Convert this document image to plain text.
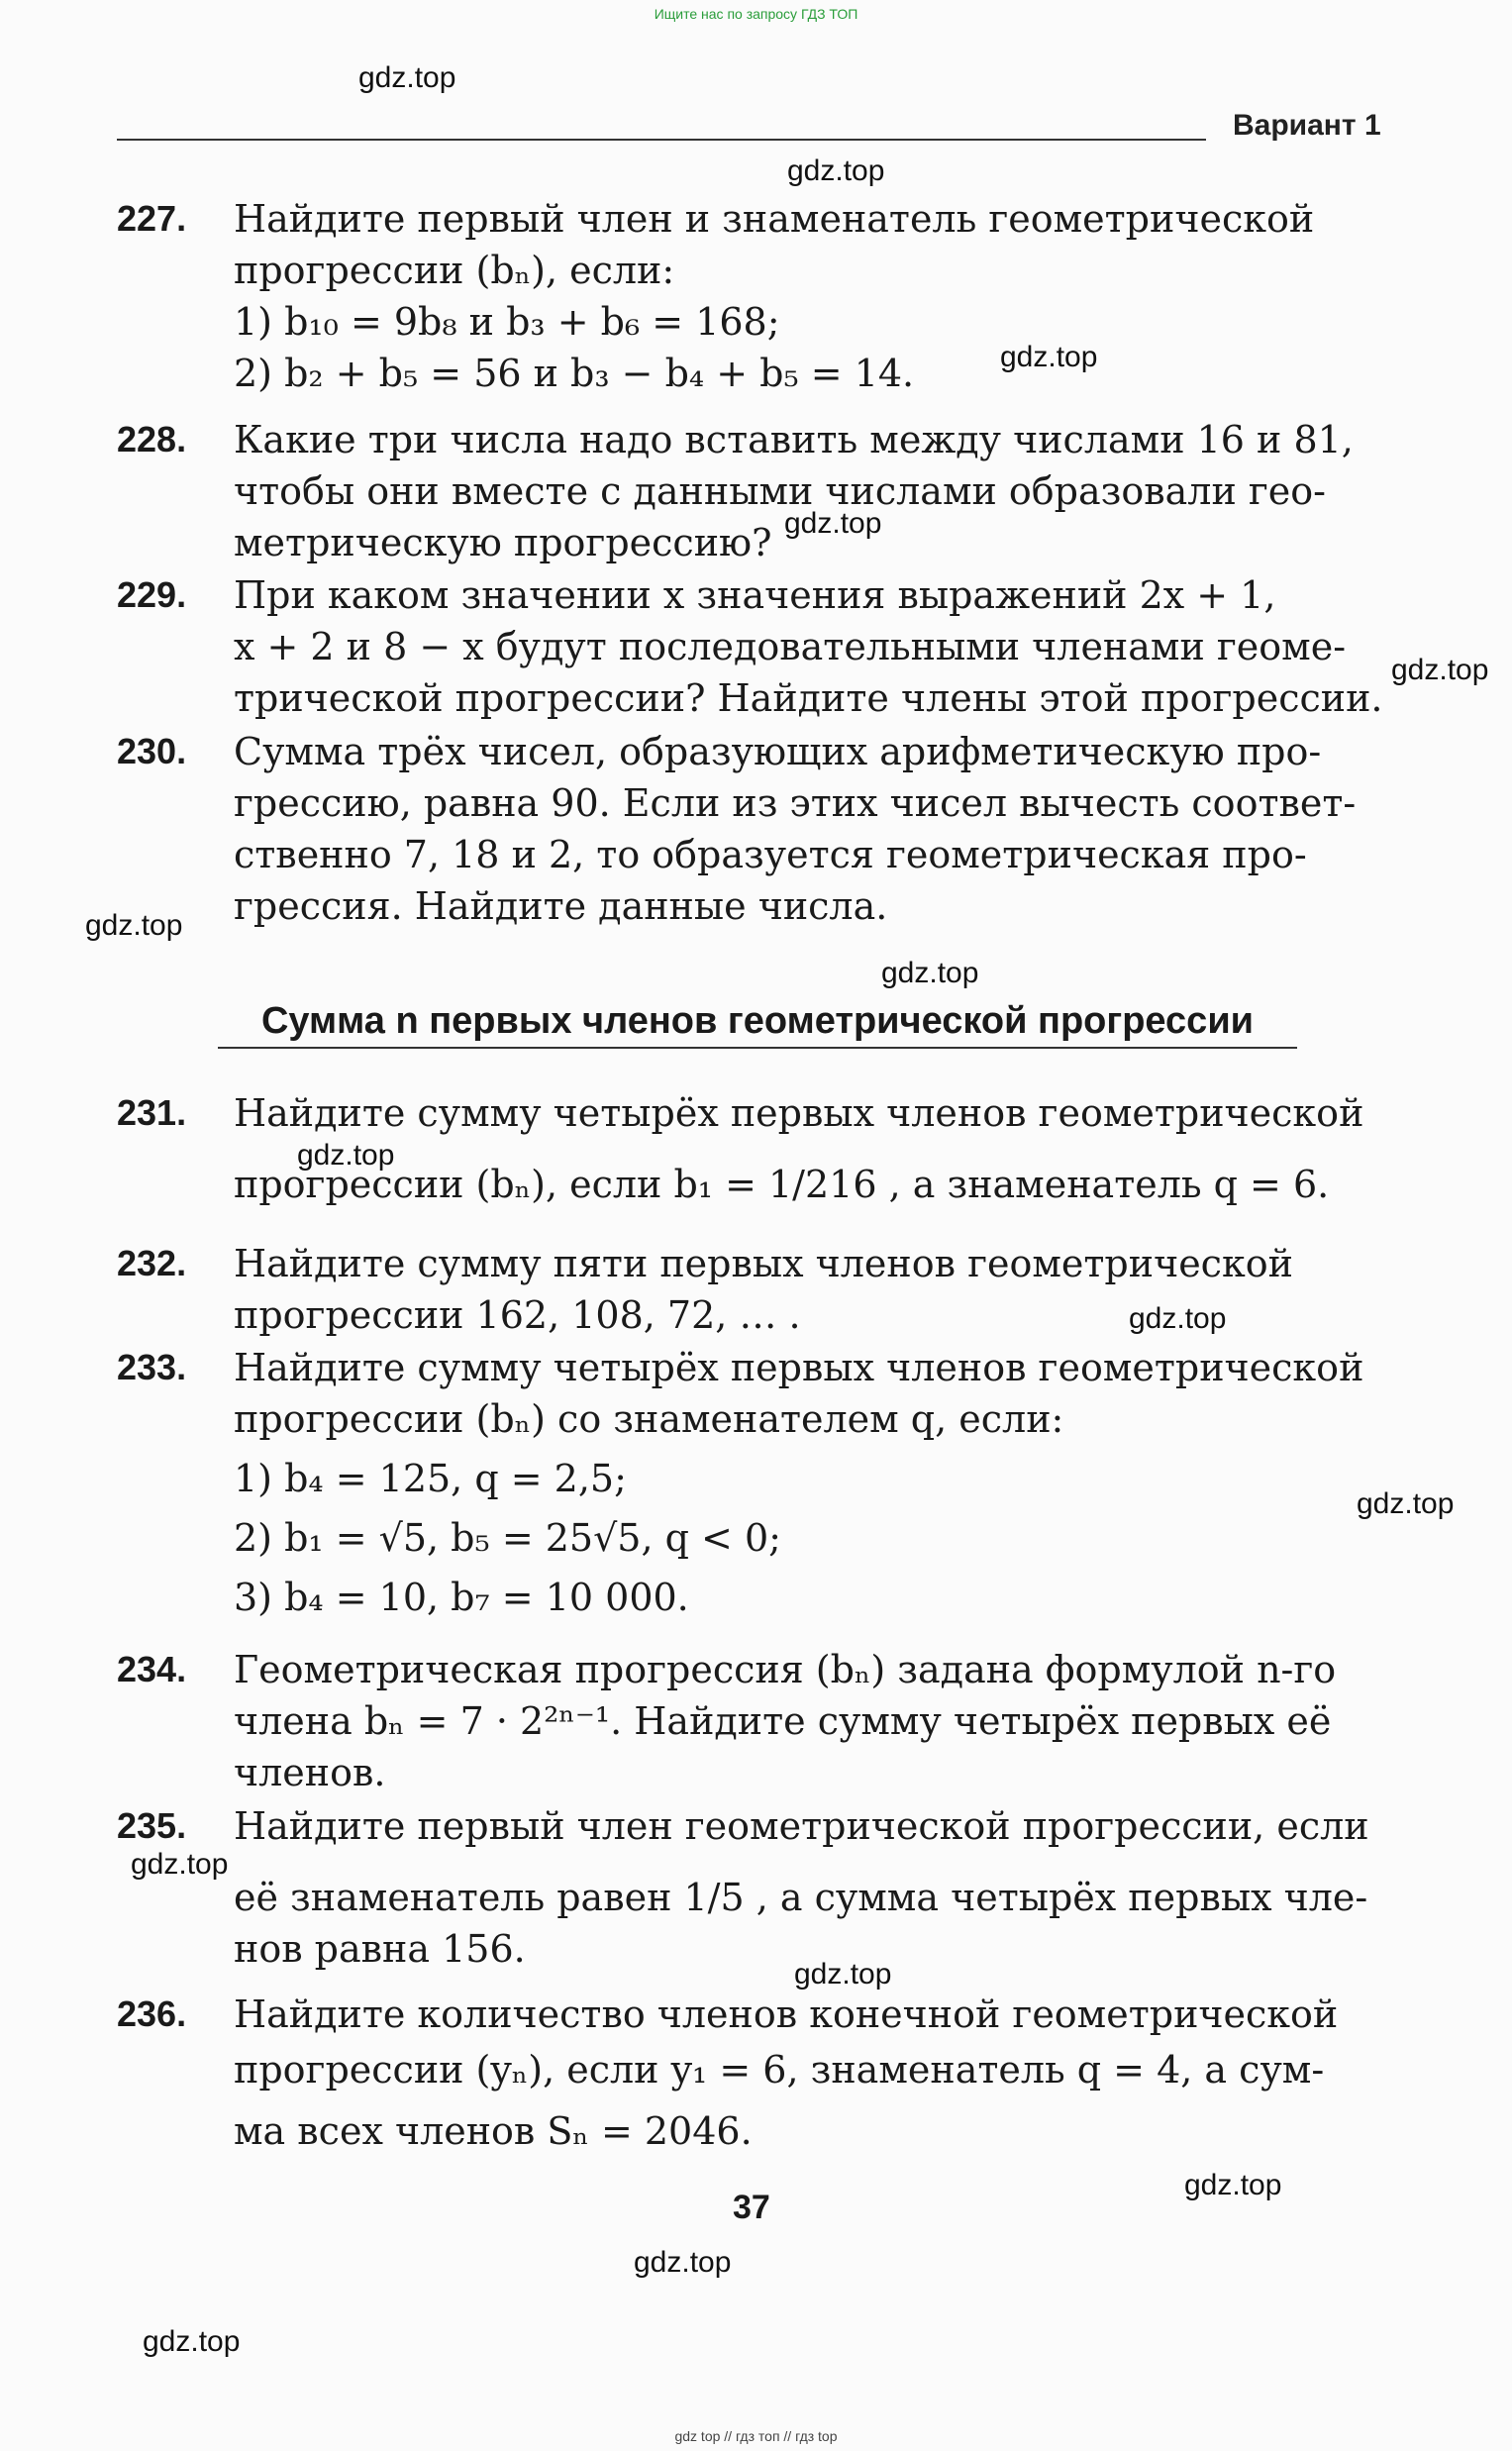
Ищите нас по запросу ГДЗ ТОП
gdz.top
gdz.top
gdz.top
gdz.top
gdz.top
gdz.top
gdz.top
gdz.top
gdz.top
gdz.top
gdz.top
gdz.top
gdz.top
gdz.top
gdz.top
Вариант 1
227.	Найдите первый член и знаменатель геометрической
прогрессии (bₙ), если:
1) b₁₀ = 9b₈ и b₃ + b₆ = 168;
2) b₂ + b₅ = 56 и b₃ − b₄ + b₅ = 14.
228.	Какие три числа надо вставить между числами 16 и 81,
чтобы они вместе с данными числами образовали гео-
метрическую прогрессию?
229.	При каком значении x значения выражений 2x + 1,
x + 2 и 8 − x будут последовательными членами геоме-
трической прогрессии? Найдите члены этой прогрессии.
230.	Сумма трёх чисел, образующих арифметическую про-
грессию, равна 90. Если из этих чисел вычесть соответ-
ственно 7, 18 и 2, то образуется геометрическая про-
грессия. Найдите данные числа.
Сумма n первых членов геометрической прогрессии
231.	Найдите сумму четырёх первых членов геометрической
прогрессии (bₙ), если b₁ = 1/216 , а знаменатель q = 6.
232.	Найдите сумму пяти первых членов геометрической
прогрессии 162, 108, 72, … .
233.	Найдите сумму четырёх первых членов геометрической
прогрессии (bₙ) со знаменателем q, если:
1) b₄ = 125, q = 2,5;
2) b₁ = √5, b₅ = 25√5, q < 0;
3) b₄ = 10, b₇ = 10 000.
234.	Геометрическая прогрессия (bₙ) задана формулой n-го
члена bₙ = 7 · 2²ⁿ⁻¹. Найдите сумму четырёх первых её
членов.
235.	Найдите первый член геометрической прогрессии, если
её знаменатель равен 1/5 , а сумма четырёх первых чле-
нов равна 156.
236.	Найдите количество членов конечной геометрической
прогрессии (yₙ), если y₁ = 6, знаменатель q = 4, а сум-
ма всех членов Sₙ = 2046.
37
gdz top // гдз топ // гдз top
